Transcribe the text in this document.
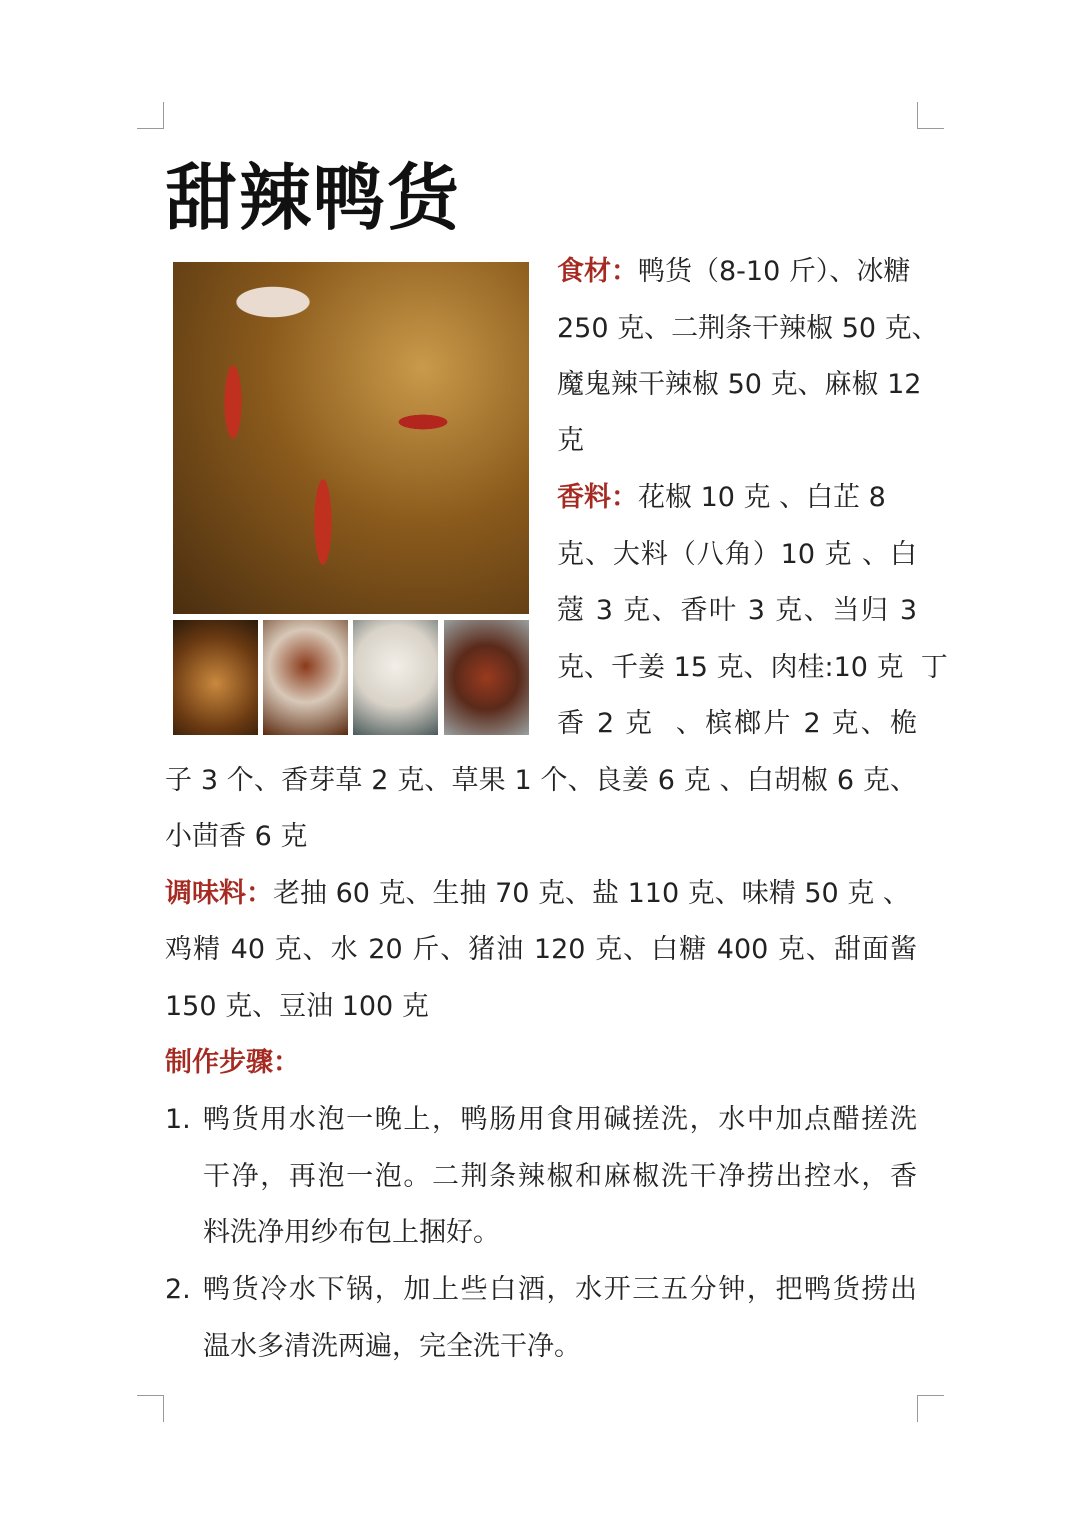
甜辣鸭货
食材：鸭货（8-10 斤）、冰糖
250 克、二荆条干辣椒 50 克、
魔鬼辣干辣椒 50 克、麻椒 12
克
香料：花椒 10 克 、白芷 8
克、大料（八角）10 克 、白
蔻 3 克、香叶 3 克、当归 3
克、千姜 15 克、肉桂:10 克  丁
香 2 克  、槟榔片 2 克、桅
子 3 个、香芽草 2 克、草果 1 个、良姜 6 克 、白胡椒 6 克、
小茴香 6 克
调味料：老抽 60 克、生抽 70 克、盐 110 克、味精 50 克 、
鸡精 40 克、水 20 斤、猪油 120 克、白糖 400 克、甜面酱
150 克、豆油 100 克
制作步骤：
1. 鸭货用水泡一晚上，鸭肠用食用碱搓洗，水中加点醋搓洗
干净，再泡一泡。二荆条辣椒和麻椒洗干净捞出控水，香
料洗净用纱布包上捆好。
2. 鸭货冷水下锅，加上些白酒，水开三五分钟，把鸭货捞出
温水多清洗两遍，完全洗干净。
